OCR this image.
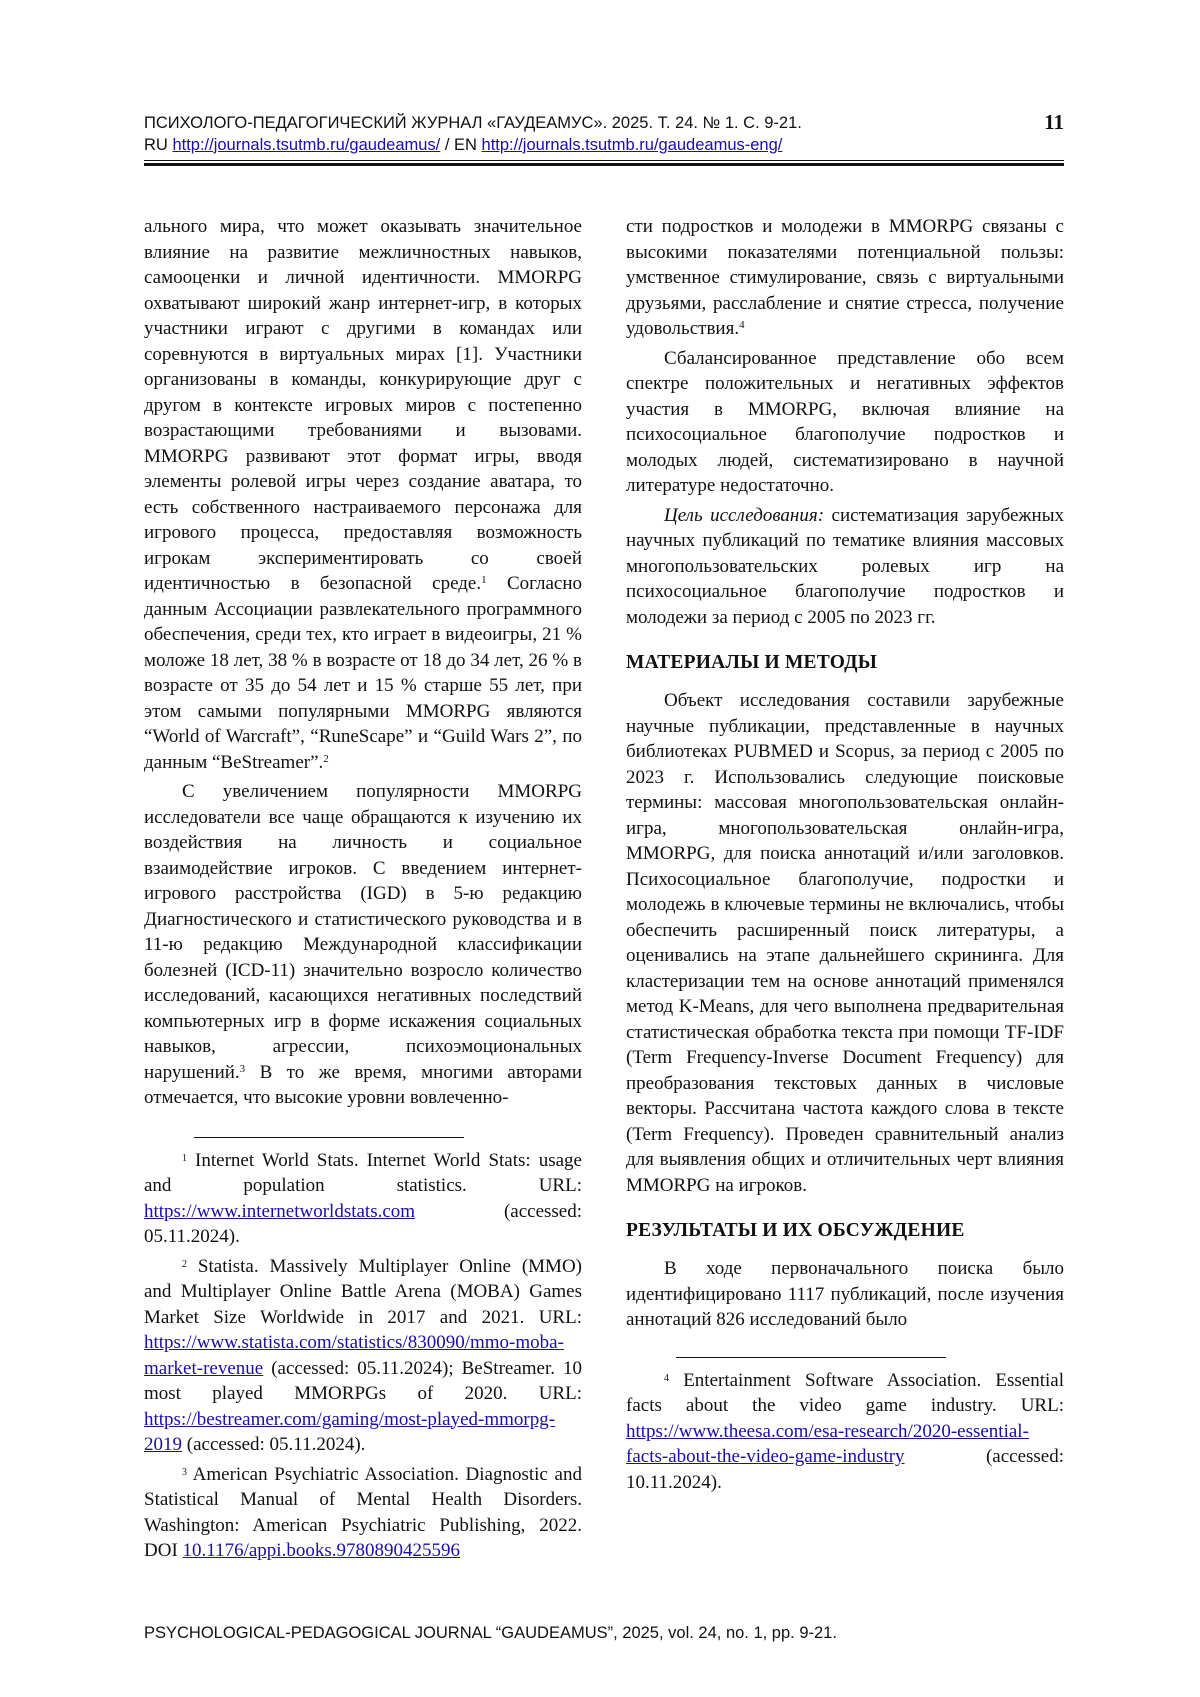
ПСИХОЛОГО-ПЕДАГОГИЧЕСКИЙ ЖУРНАЛ «ГАУДЕАМУС». 2025. Т. 24. № 1. С. 9-21.
RU http://journals.tsutmb.ru/gaudeamus/ / EN http://journals.tsutmb.ru/gaudeamus-eng/
11

ального мира, что может оказывать значительное влияние на развитие межличностных навыков, самооценки и личной идентичности. MMORPG охватывают широкий жанр интернет-игр, в которых участники играют с другими в командах или соревнуются в виртуальных мирах [1]. Участники организованы в команды, конкурирующие друг с другом в контексте игровых миров с постепенно возрастающими требованиями и вызовами. MMORPG развивают этот формат игры, вводя элементы ролевой игры через создание аватара, то есть собственного настраиваемого персонажа для игрового процесса, предоставляя возможность игрокам экспериментировать со своей идентичностью в безопасной среде.$^1$ Согласно данным Ассоциации развлекательного программного обеспечения, среди тех, кто играет в видеоигры, 21 % моложе 18 лет, 38 % в возрасте от 18 до 34 лет, 26 % в возрасте от 35 до 54 лет и 15 % старше 55 лет, при этом самыми популярными MMORPG являются “World of Warcraft”, “RuneScape” и “Guild Wars 2”, по данным “BeStreamer”.$^2$

С увеличением популярности MMORPG исследователи все чаще обращаются к изучению их воздействия на личность и социальное взаимодействие игроков. С введением интернет-игрового расстройства (IGD) в 5-ю редакцию Диагностического и статистического руководства и в 11-ю редакцию Международной классификации болезней (ICD-11) значительно возросло количество исследований, касающихся негативных последствий компьютерных игр в форме искажения социальных навыков, агрессии, психоэмоциональных нарушений.$^3$ В то же время, многими авторами отмечается, что высокие уровни вовлеченно-

$^1$ Internet World Stats. Internet World Stats: usage and population statistics. URL: https://www.internetworldstats.com (accessed: 05.11.2024).

$^2$ Statista. Massively Multiplayer Online (MMO) and Multiplayer Online Battle Arena (MOBA) Games Market Size Worldwide in 2017 and 2021. URL: https://www.statista.com/statistics/830090/mmo-moba-market-revenue (accessed: 05.11.2024); BeStreamer. 10 most played MMORPGs of 2020. URL: https://bestreamer.com/gaming/most-played-mmorpg-2019 (accessed: 05.11.2024).

$^3$ American Psychiatric Association. Diagnostic and Statistical Manual of Mental Health Disorders. Washington: American Psychiatric Publishing, 2022. DOI 10.1176/appi.books.9780890425596

сти подростков и молодежи в MMORPG связаны с высокими показателями потенциальной пользы: умственное стимулирование, связь с виртуальными друзьями, расслабление и снятие стресса, получение удовольствия.$^4$

Сбалансированное представление обо всем спектре положительных и негативных эффектов участия в MMORPG, включая влияние на психосоциальное благополучие подростков и молодых людей, систематизировано в научной литературе недостаточно.

Цель исследования: систематизация зарубежных научных публикаций по тематике влияния массовых многопользовательских ролевых игр на психосоциальное благополучие подростков и молодежи за период с 2005 по 2023 гг.

МАТЕРИАЛЫ И МЕТОДЫ

Объект исследования составили зарубежные научные публикации, представленные в научных библиотеках PUBMED и Scopus, за период с 2005 по 2023 г. Использовались следующие поисковые термины: массовая многопользовательская онлайн-игра, многопользовательская онлайн-игра, MMORPG, для поиска аннотаций и/или заголовков. Психосоциальное благополучие, подростки и молодежь в ключевые термины не включались, чтобы обеспечить расширенный поиск литературы, а оценивались на этапе дальнейшего скрининга. Для кластеризации тем на основе аннотаций применялся метод K-Means, для чего выполнена предварительная статистическая обработка текста при помощи TF-IDF (Term Frequency-Inverse Document Frequency) для преобразования текстовых данных в числовые векторы. Рассчитана частота каждого слова в тексте (Term Frequency). Проведен сравнительный анализ для выявления общих и отличительных черт влияния MMORPG на игроков.

РЕЗУЛЬТАТЫ И ИХ ОБСУЖДЕНИЕ

В ходе первоначального поиска было идентифицировано 1117 публикаций, после изучения аннотаций 826 исследований было

$^4$ Entertainment Software Association. Essential facts about the video game industry. URL: https://www.theesa.com/esa-research/2020-essential-facts-about-the-video-game-industry (accessed: 10.11.2024).

PSYCHOLOGICAL-PEDAGOGICAL JOURNAL “GAUDEAMUS”, 2025, vol. 24, no. 1, pp. 9-21.
